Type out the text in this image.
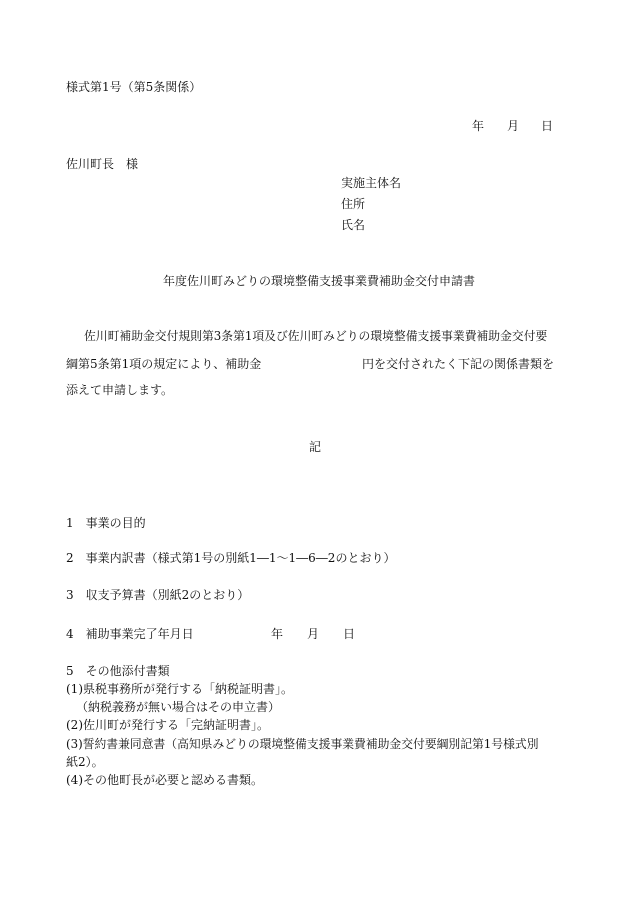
様式第1号（第5条関係）
年 月 日
佐川町長　様
実施主体名
住所
氏名
年度佐川町みどりの環境整備支援事業費補助金交付申請書
佐川町補助金交付規則第3条第1項及び佐川町みどりの環境整備支援事業費補助金交付要
綱第5条第1項の規定により、補助金	円を交付されたく下記の関係書類を
添えて申請します。
記
1　事業の目的
2　事業内訳書（様式第1号の別紙1―1～1―6―2のとおり）
3　収支予算書（別紙2のとおり）
4　補助事業完了年月日	年 月 日
5　その他添付書類
(1)県税事務所が発行する「納税証明書」。
（納税義務が無い場合はその申立書）
(2)佐川町が発行する「完納証明書」。
(3)誓約書兼同意書（高知県みどりの環境整備支援事業費補助金交付要綱別記第1号様式別
紙2）。
(4)その他町長が必要と認める書類。
